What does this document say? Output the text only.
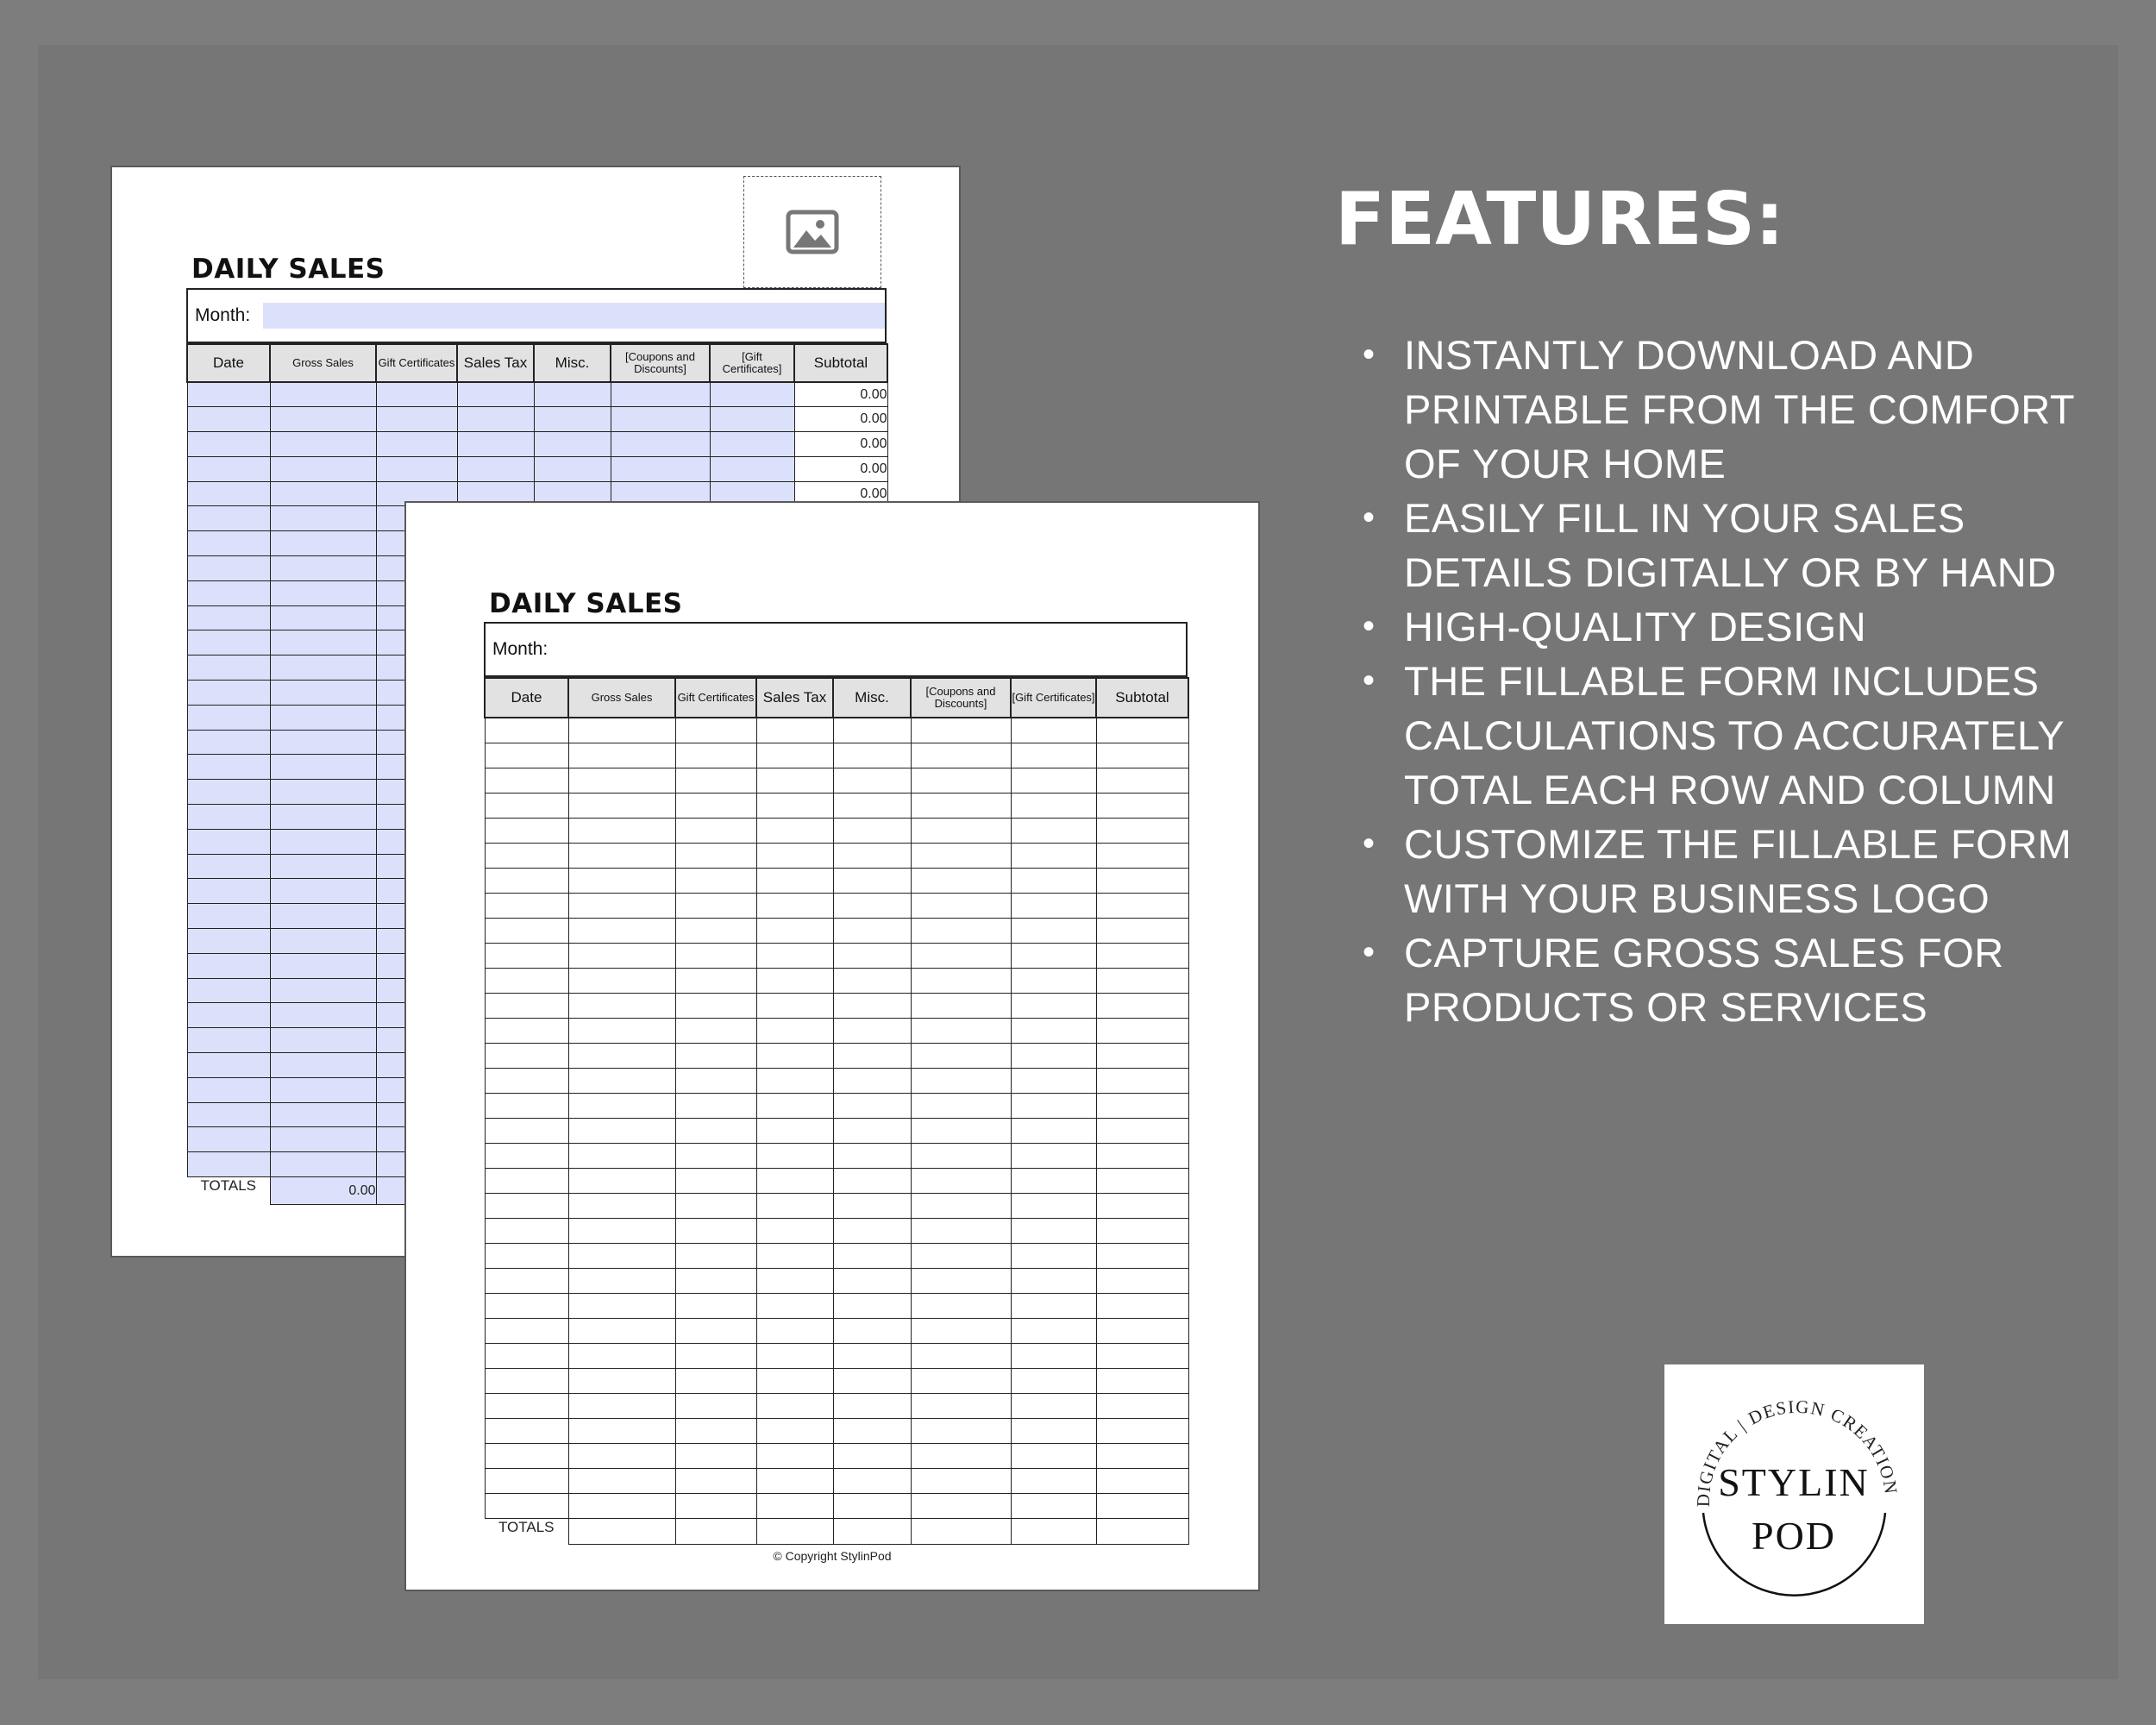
DAILY SALES
Month:
Date	Gross Sales	Gift Certificates	Sales Tax	Misc.	[Coupons and Discounts]	[Gift Certificates]	Subtotal
							0.00
							0.00
							0.00
							0.00
							0.00

TOTALS	0.00						
DAILY SALES
Month:
Date	Gross Sales	Gift Certificates	Sales Tax	Misc.	[Coupons and Discounts]	[Gift Certificates]	Subtotal

TOTALS							
© Copyright StylinPod
FEATURES:
• INSTANTLY DOWNLOAD AND PRINTABLE FROM THE COMFORT OF YOUR HOME
• EASILY FILL IN YOUR SALES DETAILS DIGITALLY OR BY HAND
• HIGH-QUALITY DESIGN
• THE FILLABLE FORM INCLUDES CALCULATIONS TO ACCURATELY TOTAL EACH ROW AND COLUMN
• CUSTOMIZE THE FILLABLE FORM WITH YOUR BUSINESS LOGO
• CAPTURE GROSS SALES FOR PRODUCTS OR SERVICES
DIGITAL | DESIGN CREATION
STYLIN
POD
